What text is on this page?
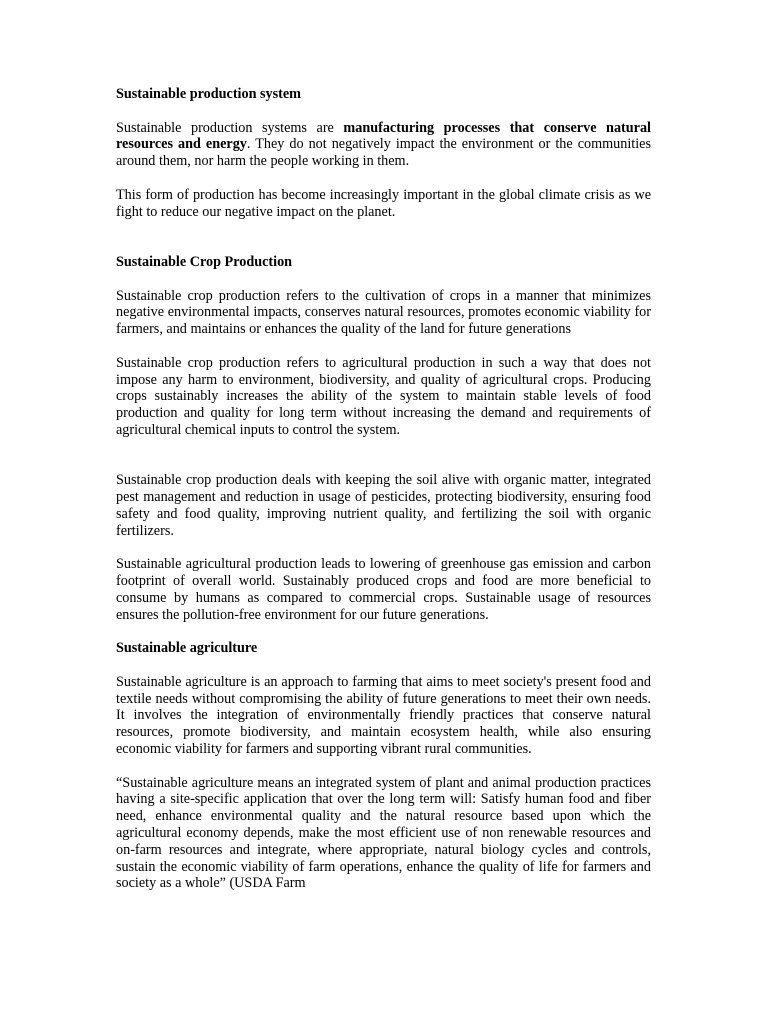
Sustainable production system

Sustainable production systems are manufacturing processes that conserve natural resources and energy. They do not negatively impact the environment or the communities around them, nor harm the people working in them.

This form of production has become increasingly important in the global climate crisis as we fight to reduce our negative impact on the planet.

Sustainable Crop Production

Sustainable crop production refers to the cultivation of crops in a manner that minimizes negative environmental impacts, conserves natural resources, promotes economic viability for farmers, and maintains or enhances the quality of the land for future generations

Sustainable crop production refers to agricultural production in such a way that does not impose any harm to environment, biodiversity, and quality of agricultural crops. Producing crops sustainably increases the ability of the system to maintain stable levels of food production and quality for long term without increasing the demand and requirements of agricultural chemical inputs to control the system.

Sustainable crop production deals with keeping the soil alive with organic matter, integrated pest management and reduction in usage of pesticides, protecting biodiversity, ensuring food safety and food quality, improving nutrient quality, and fertilizing the soil with organic fertilizers.

Sustainable agricultural production leads to lowering of greenhouse gas emission and carbon footprint of overall world. Sustainably produced crops and food are more beneficial to consume by humans as compared to commercial crops. Sustainable usage of resources ensures the pollution-free environment for our future generations.

Sustainable agriculture

Sustainable agriculture is an approach to farming that aims to meet society's present food and textile needs without compromising the ability of future generations to meet their own needs. It involves the integration of environmentally friendly practices that conserve natural resources, promote biodiversity, and maintain ecosystem health, while also ensuring economic viability for farmers and supporting vibrant rural communities.

“Sustainable agriculture means an integrated system of plant and animal production practices having a site-specific application that over the long term will: Satisfy human food and fiber need, enhance environmental quality and the natural resource based upon which the agricultural economy depends, make the most efficient use of non renewable resources and on-farm resources and integrate, where appropriate, natural biology cycles and controls, sustain the economic viability of farm operations, enhance the quality of life for farmers and society as a whole” (USDA Farm
